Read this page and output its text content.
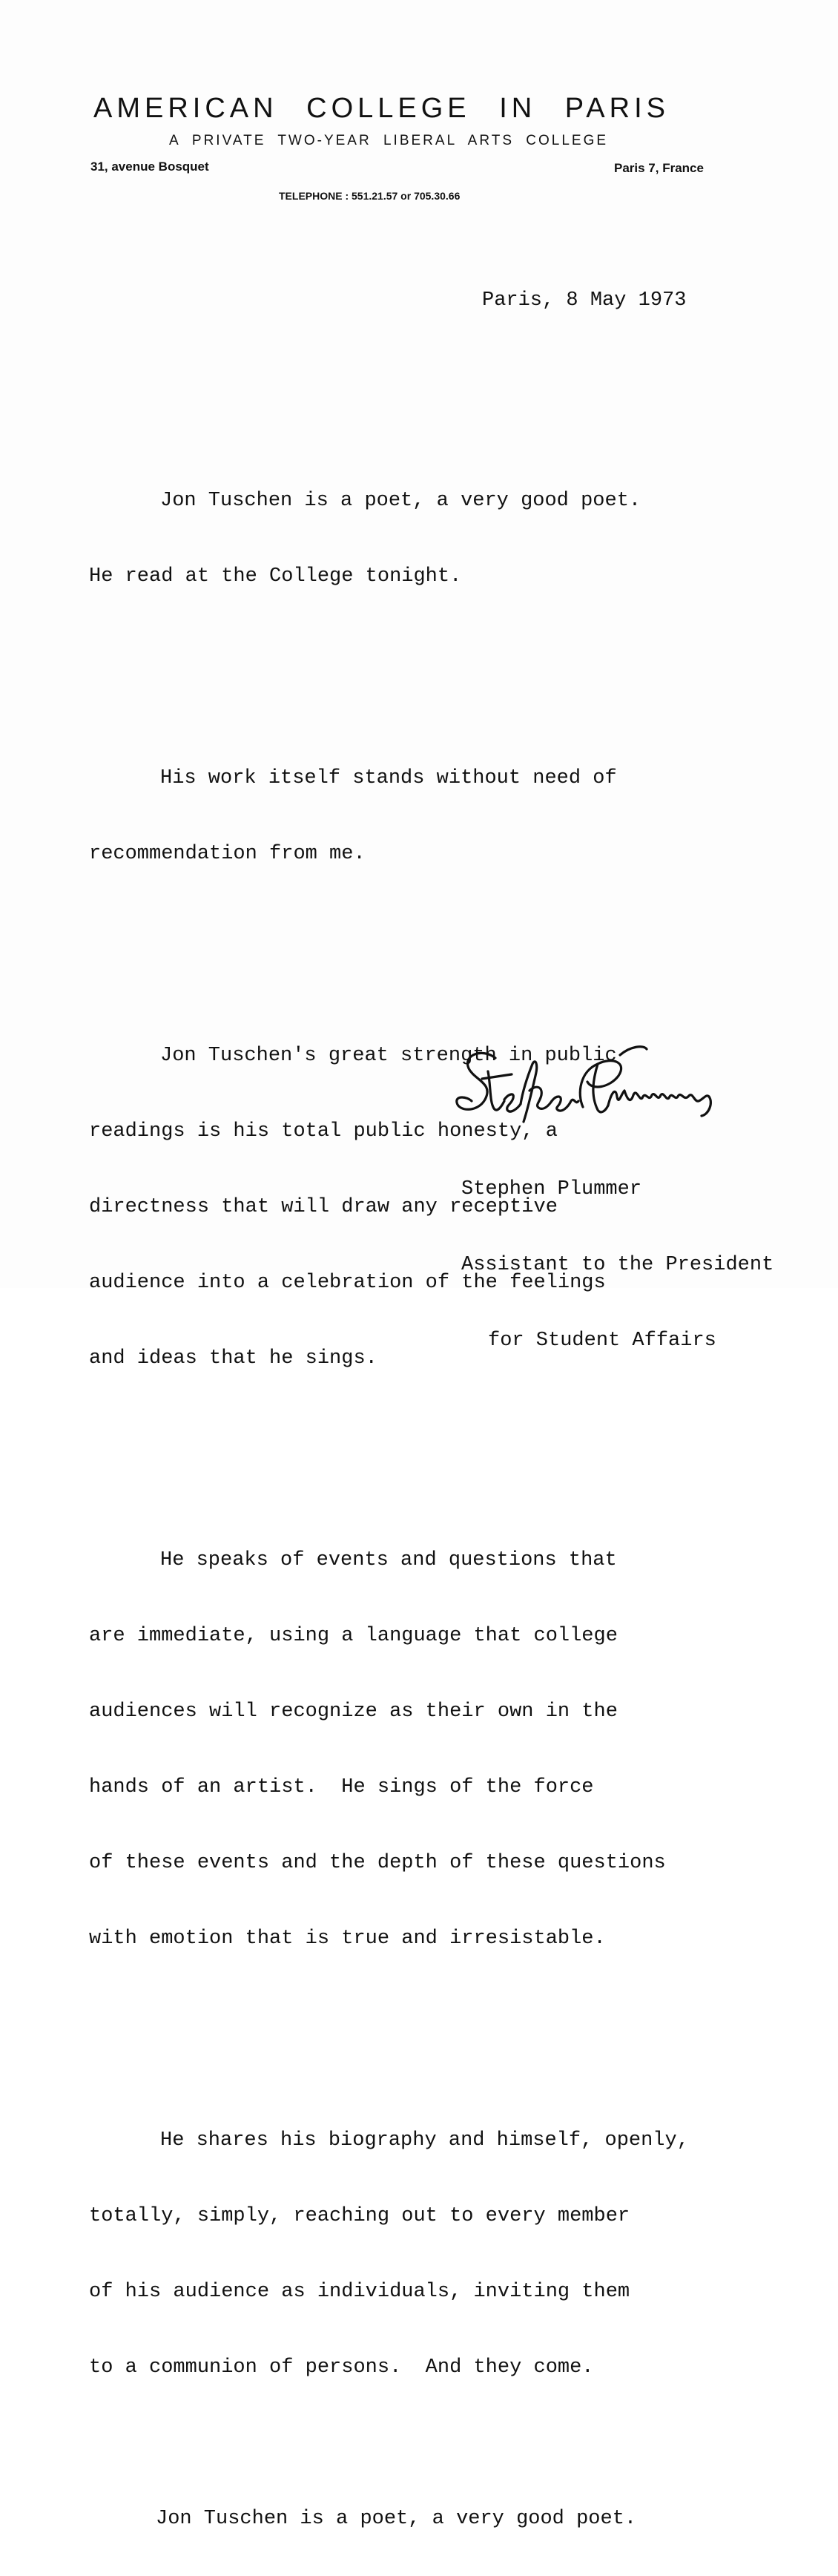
AMERICAN COLLEGE IN PARIS
A PRIVATE TWO-YEAR LIBERAL ARTS COLLEGE
31, avenue Bosquet	Paris 7, France
TELEPHONE : 551.21.57 or 705.30.66
Paris, 8 May 1973

Jon Tuschen is a poet, a very good poet.

He read at the College tonight.

His work itself stands without need of

recommendation from me.

Jon Tuschen's great strength in public

readings is his total public honesty, a

directness that will draw any receptive

audience into a celebration of the feelings

and ideas that he sings.

He speaks of events and questions that

are immediate, using a language that college

audiences will recognize as their own in the

hands of an artist.  He sings of the force

of these events and the depth of these questions

with emotion that is true and irresistable.

He shares his biography and himself, openly,

totally, simply, reaching out to every member

of his audience as individuals, inviting them

to a communion of persons.  And they come.

Jon Tuschen is a poet, a very good poet.

Stephen Plummer

Assistant to the President

for Student Affairs
